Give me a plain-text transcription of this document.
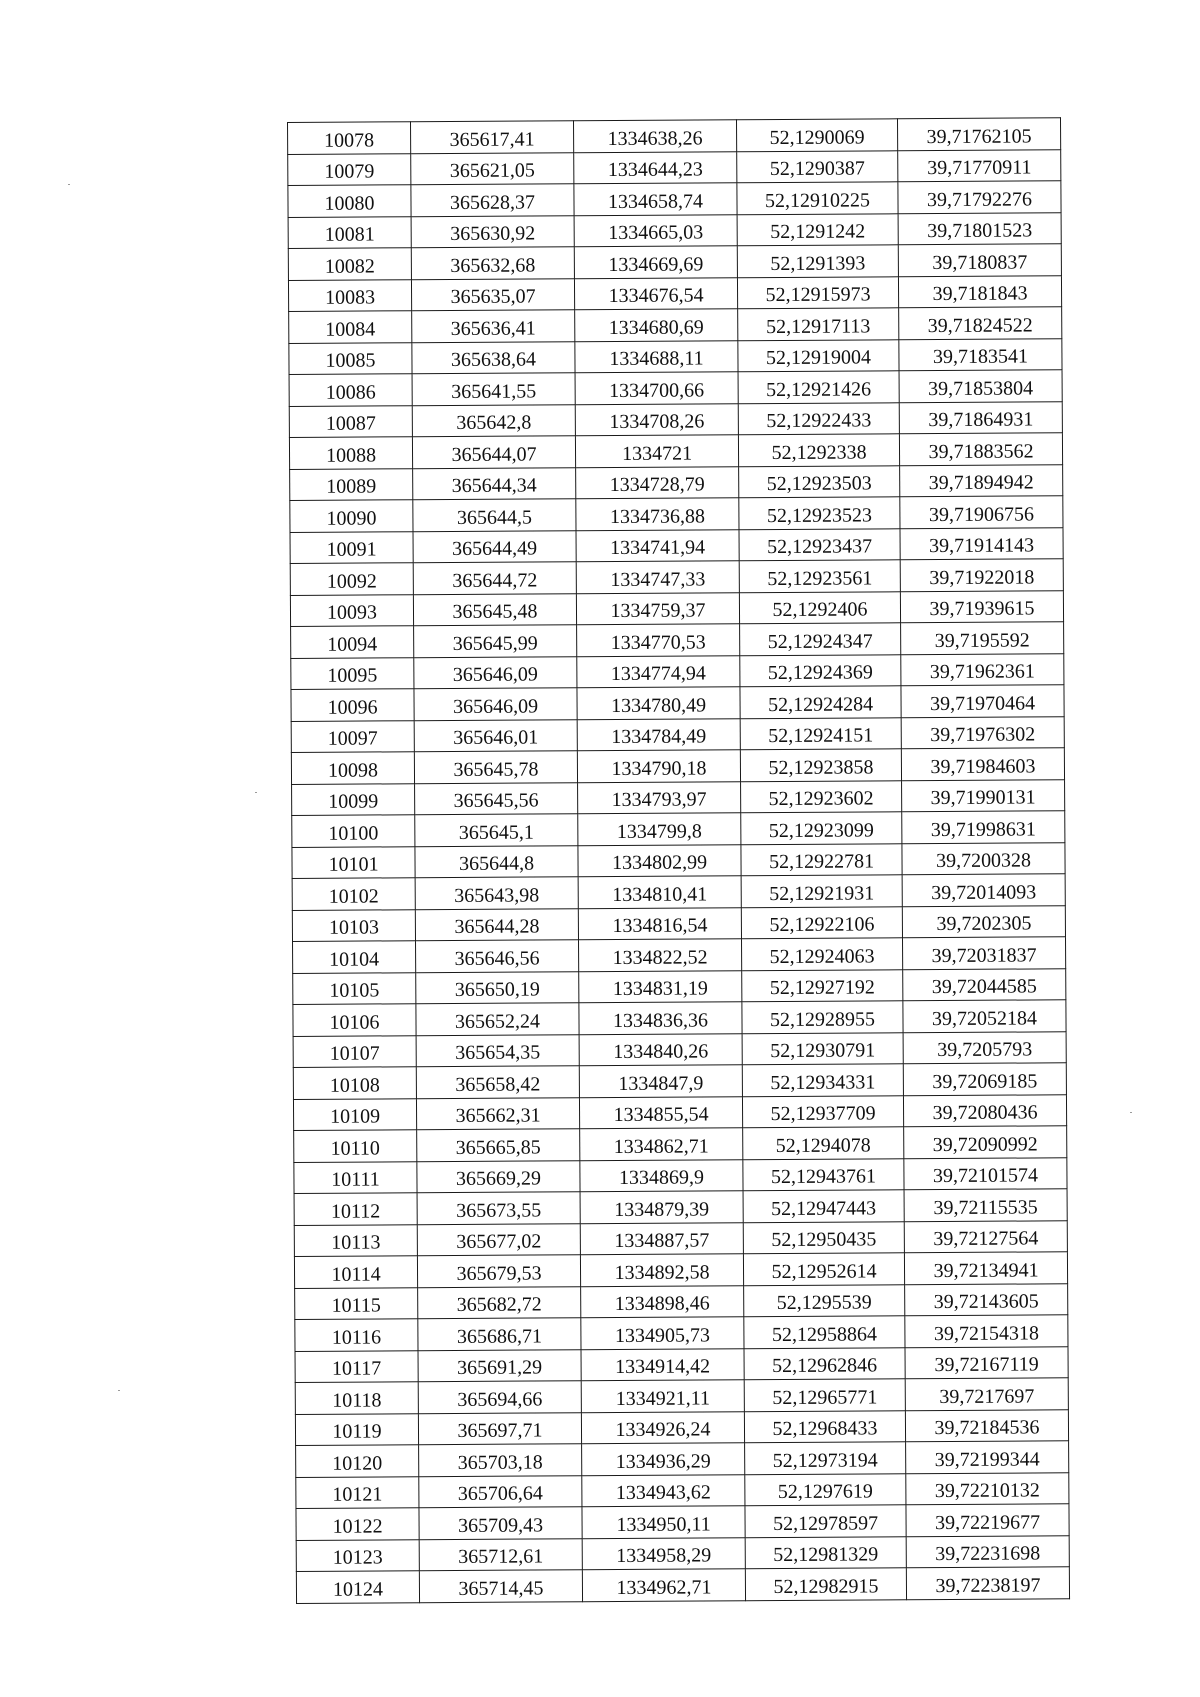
10078	365617,41	1334638,26	52,1290069	39,71762105
10079	365621,05	1334644,23	52,1290387	39,71770911
10080	365628,37	1334658,74	52,12910225	39,71792276
10081	365630,92	1334665,03	52,1291242	39,71801523
10082	365632,68	1334669,69	52,1291393	39,7180837
10083	365635,07	1334676,54	52,12915973	39,7181843
10084	365636,41	1334680,69	52,12917113	39,71824522
10085	365638,64	1334688,11	52,12919004	39,7183541
10086	365641,55	1334700,66	52,12921426	39,71853804
10087	365642,8	1334708,26	52,12922433	39,71864931
10088	365644,07	1334721	52,1292338	39,71883562
10089	365644,34	1334728,79	52,12923503	39,71894942
10090	365644,5	1334736,88	52,12923523	39,71906756
10091	365644,49	1334741,94	52,12923437	39,71914143
10092	365644,72	1334747,33	52,12923561	39,71922018
10093	365645,48	1334759,37	52,1292406	39,71939615
10094	365645,99	1334770,53	52,12924347	39,7195592
10095	365646,09	1334774,94	52,12924369	39,71962361
10096	365646,09	1334780,49	52,12924284	39,71970464
10097	365646,01	1334784,49	52,12924151	39,71976302
10098	365645,78	1334790,18	52,12923858	39,71984603
10099	365645,56	1334793,97	52,12923602	39,71990131
10100	365645,1	1334799,8	52,12923099	39,71998631
10101	365644,8	1334802,99	52,12922781	39,7200328
10102	365643,98	1334810,41	52,12921931	39,72014093
10103	365644,28	1334816,54	52,12922106	39,7202305
10104	365646,56	1334822,52	52,12924063	39,72031837
10105	365650,19	1334831,19	52,12927192	39,72044585
10106	365652,24	1334836,36	52,12928955	39,72052184
10107	365654,35	1334840,26	52,12930791	39,7205793
10108	365658,42	1334847,9	52,12934331	39,72069185
10109	365662,31	1334855,54	52,12937709	39,72080436
10110	365665,85	1334862,71	52,1294078	39,72090992
10111	365669,29	1334869,9	52,12943761	39,72101574
10112	365673,55	1334879,39	52,12947443	39,72115535
10113	365677,02	1334887,57	52,12950435	39,72127564
10114	365679,53	1334892,58	52,12952614	39,72134941
10115	365682,72	1334898,46	52,1295539	39,72143605
10116	365686,71	1334905,73	52,12958864	39,72154318
10117	365691,29	1334914,42	52,12962846	39,72167119
10118	365694,66	1334921,11	52,12965771	39,7217697
10119	365697,71	1334926,24	52,12968433	39,72184536
10120	365703,18	1334936,29	52,12973194	39,72199344
10121	365706,64	1334943,62	52,1297619	39,72210132
10122	365709,43	1334950,11	52,12978597	39,72219677
10123	365712,61	1334958,29	52,12981329	39,72231698
10124	365714,45	1334962,71	52,12982915	39,72238197
